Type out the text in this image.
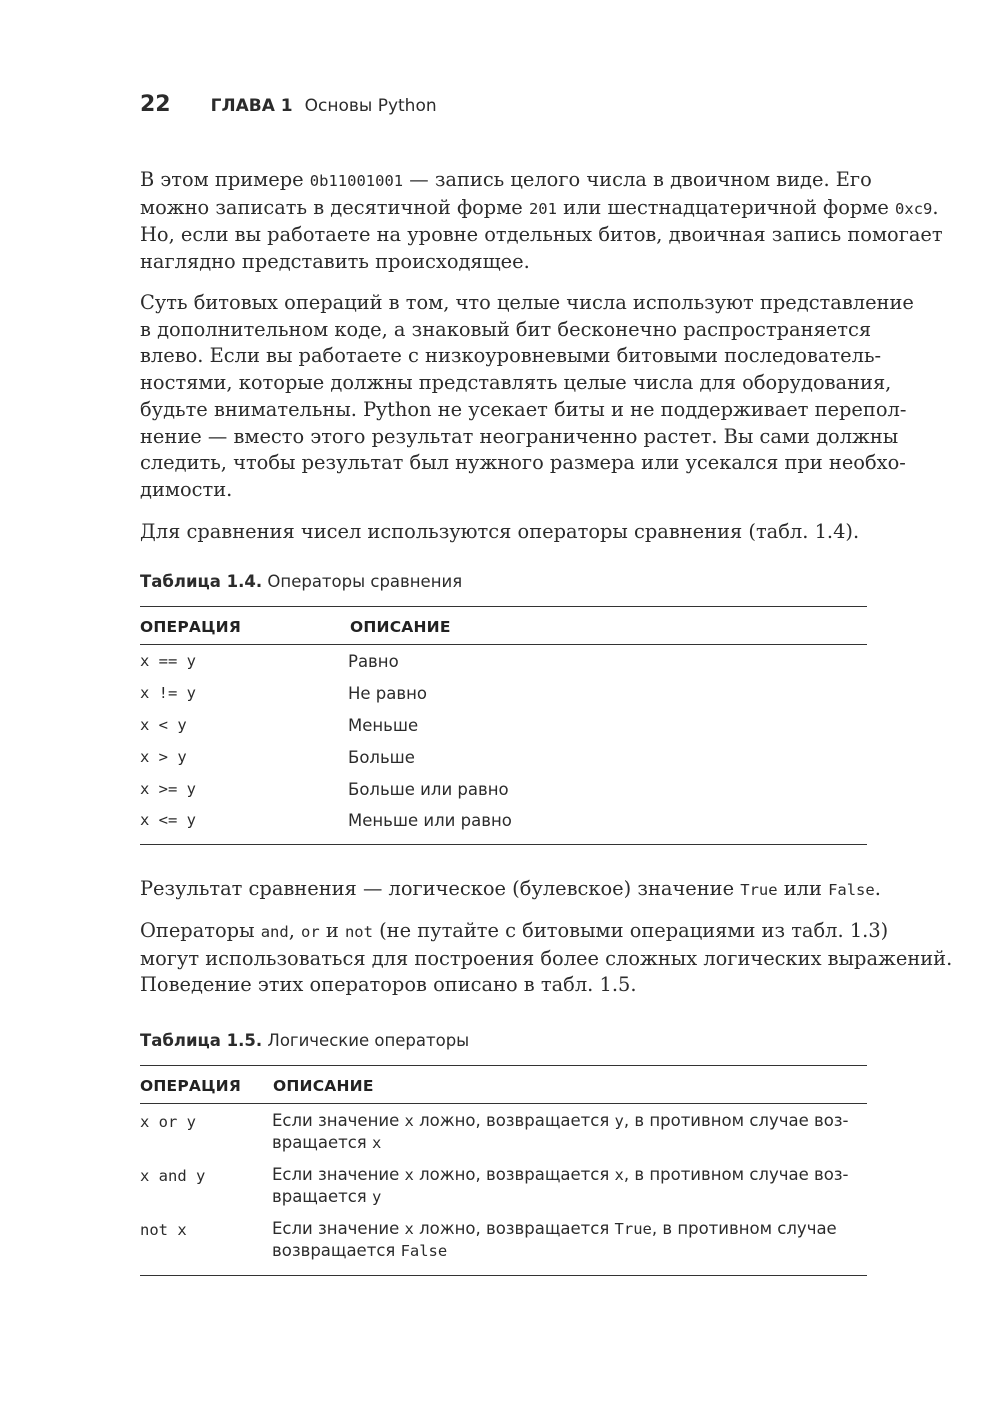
22 ГЛАВА 1 Основы Python
В этом примере 0b11001001 — запись целого числа в двоичном виде. Его
можно записать в десятичной форме 201 или шестнадцатеричной форме 0xc9.
Но, если вы работаете на уровне отдельных битов, двоичная запись помогает
наглядно представить происходящее.
Суть битовых операций в том, что целые числа используют представление
в дополнительном коде, а знаковый бит бесконечно распространяется
влево. Если вы работаете с низкоуровневыми битовыми последователь-
ностями, которые должны представлять целые числа для оборудования,
будьте внимательны. Python не усекает биты и не поддерживает перепол-
нение — вместо этого результат неограниченно растет. Вы сами должны
следить, чтобы результат был нужного размера или усекался при необхо-
димости.
Для сравнения чисел используются операторы сравнения (табл. 1.4).
Таблица 1.4. Операторы сравнения
ОПЕРАЦИЯ	ОПИСАНИЕ
x == y	Равно
x != y	Не равно
x < y	Меньше
x > y	Больше
x >= y	Больше или равно
x <= y	Меньше или равно
Результат сравнения — логическое (булевское) значение True или False.
Операторы and, or и not (не путайте с битовыми операциями из табл. 1.3)
могут использоваться для построения более сложных логических выражений.
Поведение этих операторов описано в табл. 1.5.
Таблица 1.5. Логические операторы
ОПЕРАЦИЯ ОПИСАНИЕ
x or y	Если значение x ложно, возвращается y, в противном случае воз-
вращается x
x and y	Если значение x ложно, возвращается x, в противном случае воз-
вращается y
not x	Если значение x ложно, возвращается True, в противном случае
возвращается False
